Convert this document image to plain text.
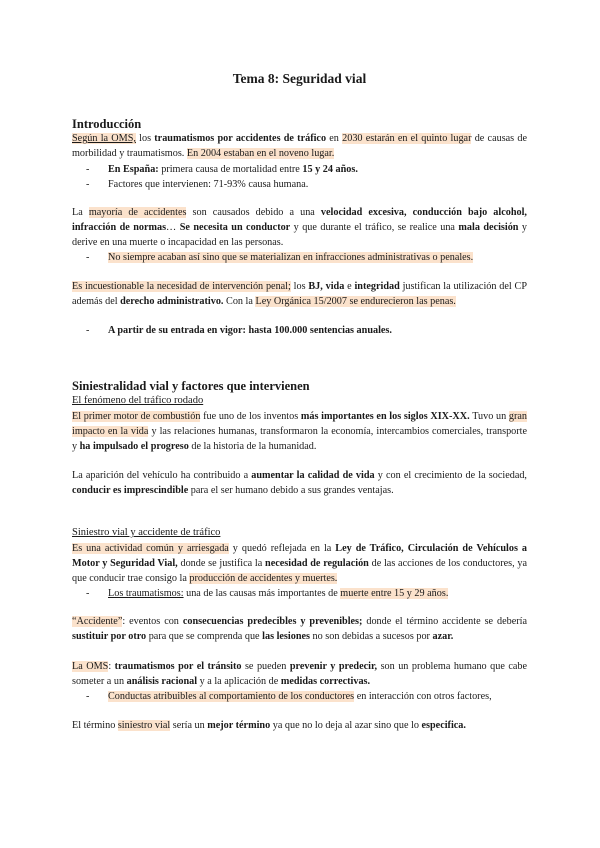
Tema 8: Seguridad vial
Introducción
Según la OMS, los traumatismos por accidentes de tráfico en 2030 estarán en el quinto lugar de causas de morbilidad y traumatismos. En 2004 estaban en el noveno lugar.
- En España: primera causa de mortalidad entre 15 y 24 años.
- Factores que intervienen: 71-93% causa humana.
La mayoría de accidentes son causados debido a una velocidad excesiva, conducción bajo alcohol, infracción de normas… Se necesita un conductor y que durante el tráfico, se realice una mala decisión y derive en una muerte o incapacidad en las personas.
- No siempre acaban así sino que se materializan en infracciones administrativas o penales.
Es incuestionable la necesidad de intervención penal; los BJ, vida e integridad justifican la utilización del CP además del derecho administrativo. Con la Ley Orgánica 15/2007 se endurecieron las penas.
- A partir de su entrada en vigor: hasta 100.000 sentencias anuales.
Siniestralidad vial y factores que intervienen
El fenómeno del tráfico rodado
El primer motor de combustión fue uno de los inventos más importantes en los siglos XIX-XX. Tuvo un gran impacto en la vida y las relaciones humanas, transformaron la economía, intercambios comerciales, transporte y ha impulsado el progreso de la historia de la humanidad.
La aparición del vehículo ha contribuido a aumentar la calidad de vida y con el crecimiento de la sociedad, conducir es imprescindible para el ser humano debido a sus grandes ventajas.
Siniestro vial y accidente de tráfico
Es una actividad común y arriesgada y quedó reflejada en la Ley de Tráfico, Circulación de Vehículos a Motor y Seguridad Vial, donde se justifica la necesidad de regulación de las acciones de los conductores, ya que conducir trae consigo la producción de accidentes y muertes.
- Los traumatismos: una de las causas más importantes de muerte entre 15 y 29 años.
“Accidente”: eventos con consecuencias predecibles y prevenibles; donde el término accidente se debería sustituir por otro para que se comprenda que las lesiones no son debidas a sucesos por azar.
La OMS: traumatismos por el tránsito se pueden prevenir y predecir, son un problema humano que cabe someter a un análisis racional y a la aplicación de medidas correctivas.
- Conductas atribuibles al comportamiento de los conductores en interacción con otros factores,
El término siniestro vial sería un mejor término ya que no lo deja al azar sino que lo especifica.
